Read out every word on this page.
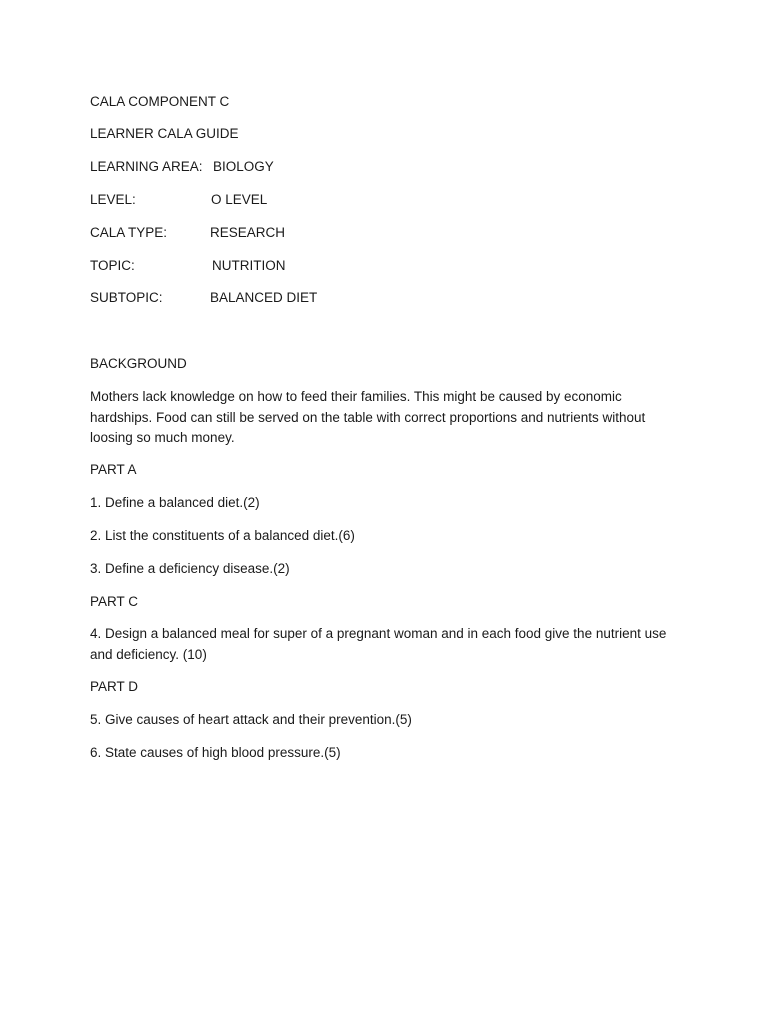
CALA COMPONENT C
LEARNER CALA GUIDE
LEARNING AREA: BIOLOGY
LEVEL:	O LEVEL
CALA TYPE:	RESEARCH
TOPIC:	NUTRITION
SUBTOPIC:	BALANCED DIET
BACKGROUND
Mothers lack knowledge on how to feed their families. This might be caused by economic hardships. Food can still be served on the table with correct proportions and nutrients without loosing so much money.
PART A
1. Define a balanced diet.(2)
2. List the constituents of a balanced diet.(6)
3. Define a deficiency disease.(2)
PART C
4. Design a balanced meal for super of a pregnant woman and in each food give the nutrient use    and deficiency. (10)
PART D
5. Give causes of heart attack and their prevention.(5)
6. State causes of high blood pressure.(5)
